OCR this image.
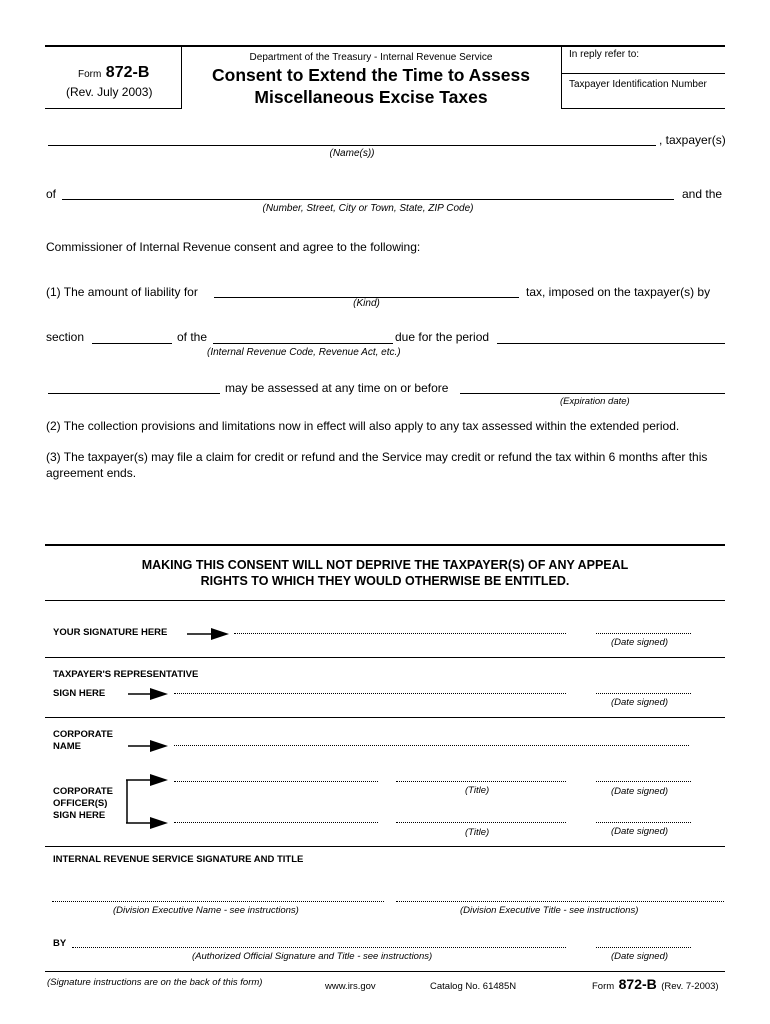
Form 872-B
(Rev. July 2003)
Department of the Treasury - Internal Revenue Service
Consent to Extend the Time to Assess
Miscellaneous Excise Taxes
In reply refer to:
Taxpayer Identification Number
, taxpayer(s)
(Name(s))
of	and the
(Number, Street, City or Town, State, ZIP Code)
Commissioner of Internal Revenue consent and agree to the following:
(1) The amount of liability for	tax, imposed on the taxpayer(s) by
(Kind)
section	of the	due for the period
(Internal Revenue Code, Revenue Act, etc.)
may be assessed at any time on or before
(Expiration date)
(2) The collection provisions and limitations now in effect will also apply to any tax assessed within the extended period.
(3) The taxpayer(s) may file a claim for credit or refund and the Service may credit or refund the tax within 6 months after this agreement ends.
MAKING THIS CONSENT WILL NOT DEPRIVE THE TAXPAYER(S) OF ANY APPEAL
RIGHTS TO WHICH THEY WOULD OTHERWISE BE ENTITLED.
YOUR SIGNATURE HERE
(Date signed)
TAXPAYER'S REPRESENTATIVE
SIGN HERE
(Date signed)
CORPORATE
NAME
CORPORATE
OFFICER(S)
SIGN HERE
(Title)	(Date signed)
(Title)	(Date signed)
INTERNAL REVENUE SERVICE SIGNATURE AND TITLE
(Division Executive Name - see instructions)	(Division Executive Title - see instructions)
BY
(Authorized Official Signature and Title - see instructions)	(Date signed)
(Signature instructions are on the back of this form)	www.irs.gov	Catalog No. 61485N	Form 872-B (Rev. 7-2003)
